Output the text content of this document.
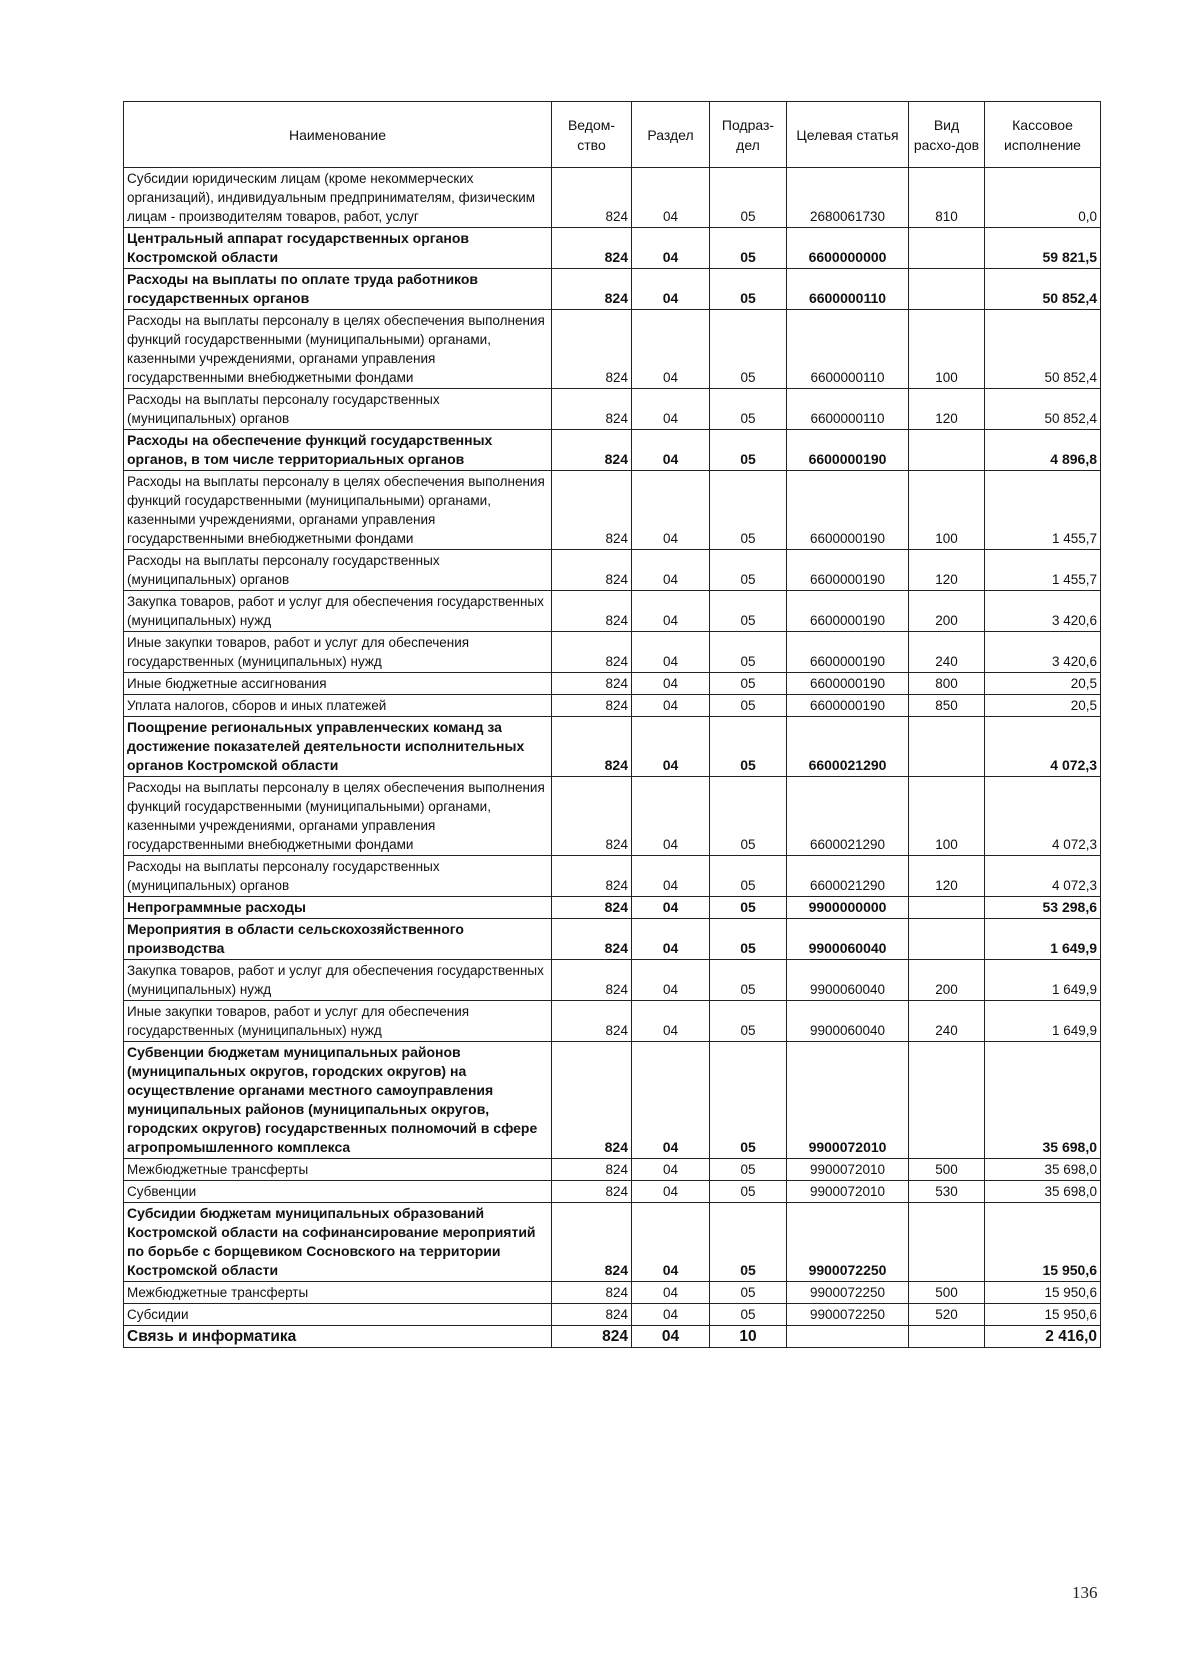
Наименование	Ведом-ство	Раздел	Подраз-дел	Целевая статья	Вид расхо-дов	Кассовое исполнение
Субсидии юридическим лицам (кроме некоммерческих организаций), индивидуальным предпринимателям, физическим лицам - производителям товаров, работ, услуг	824	04	05	2680061730	810	0,0
Центральный аппарат государственных органов Костромской области	824	04	05	6600000000		59 821,5
Расходы на выплаты по оплате труда работников государственных органов	824	04	05	6600000110		50 852,4
Расходы на выплаты персоналу в целях обеспечения выполнения функций государственными (муниципальными) органами, казенными учреждениями, органами управления государственными внебюджетными фондами	824	04	05	6600000110	100	50 852,4
Расходы на выплаты персоналу государственных (муниципальных) органов	824	04	05	6600000110	120	50 852,4
Расходы на обеспечение функций государственных органов, в том числе территориальных органов	824	04	05	6600000190		4 896,8
Расходы на выплаты персоналу в целях обеспечения выполнения функций государственными (муниципальными) органами, казенными учреждениями, органами управления государственными внебюджетными фондами	824	04	05	6600000190	100	1 455,7
Расходы на выплаты персоналу государственных (муниципальных) органов	824	04	05	6600000190	120	1 455,7
Закупка товаров, работ и услуг для обеспечения государственных (муниципальных) нужд	824	04	05	6600000190	200	3 420,6
Иные закупки товаров, работ и услуг для обеспечения государственных (муниципальных) нужд	824	04	05	6600000190	240	3 420,6
Иные бюджетные ассигнования	824	04	05	6600000190	800	20,5
Уплата налогов, сборов и иных платежей	824	04	05	6600000190	850	20,5
Поощрение региональных управленческих команд за достижение показателей деятельности исполнительных органов Костромской области	824	04	05	6600021290		4 072,3
Расходы на выплаты персоналу в целях обеспечения выполнения функций государственными (муниципальными) органами, казенными учреждениями, органами управления государственными внебюджетными фондами	824	04	05	6600021290	100	4 072,3
Расходы на выплаты персоналу государственных (муниципальных) органов	824	04	05	6600021290	120	4 072,3
Непрограммные расходы	824	04	05	9900000000		53 298,6
Мероприятия в области сельскохозяйственного производства	824	04	05	9900060040		1 649,9
Закупка товаров, работ и услуг для обеспечения государственных (муниципальных) нужд	824	04	05	9900060040	200	1 649,9
Иные закупки товаров, работ и услуг для обеспечения государственных (муниципальных) нужд	824	04	05	9900060040	240	1 649,9
Субвенции бюджетам муниципальных районов (муниципальных округов, городских округов) на осуществление органами местного самоуправления муниципальных районов (муниципальных округов, городских округов) государственных полномочий в сфере агропромышленного комплекса	824	04	05	9900072010		35 698,0
Межбюджетные трансферты	824	04	05	9900072010	500	35 698,0
Субвенции	824	04	05	9900072010	530	35 698,0
Субсидии бюджетам муниципальных образований Костромской области на софинансирование мероприятий по борьбе с борщевиком Сосновского на территории Костромской области	824	04	05	9900072250		15 950,6
Межбюджетные трансферты	824	04	05	9900072250	500	15 950,6
Субсидии	824	04	05	9900072250	520	15 950,6
Связь и информатика	824	04	10			2 416,0
136
